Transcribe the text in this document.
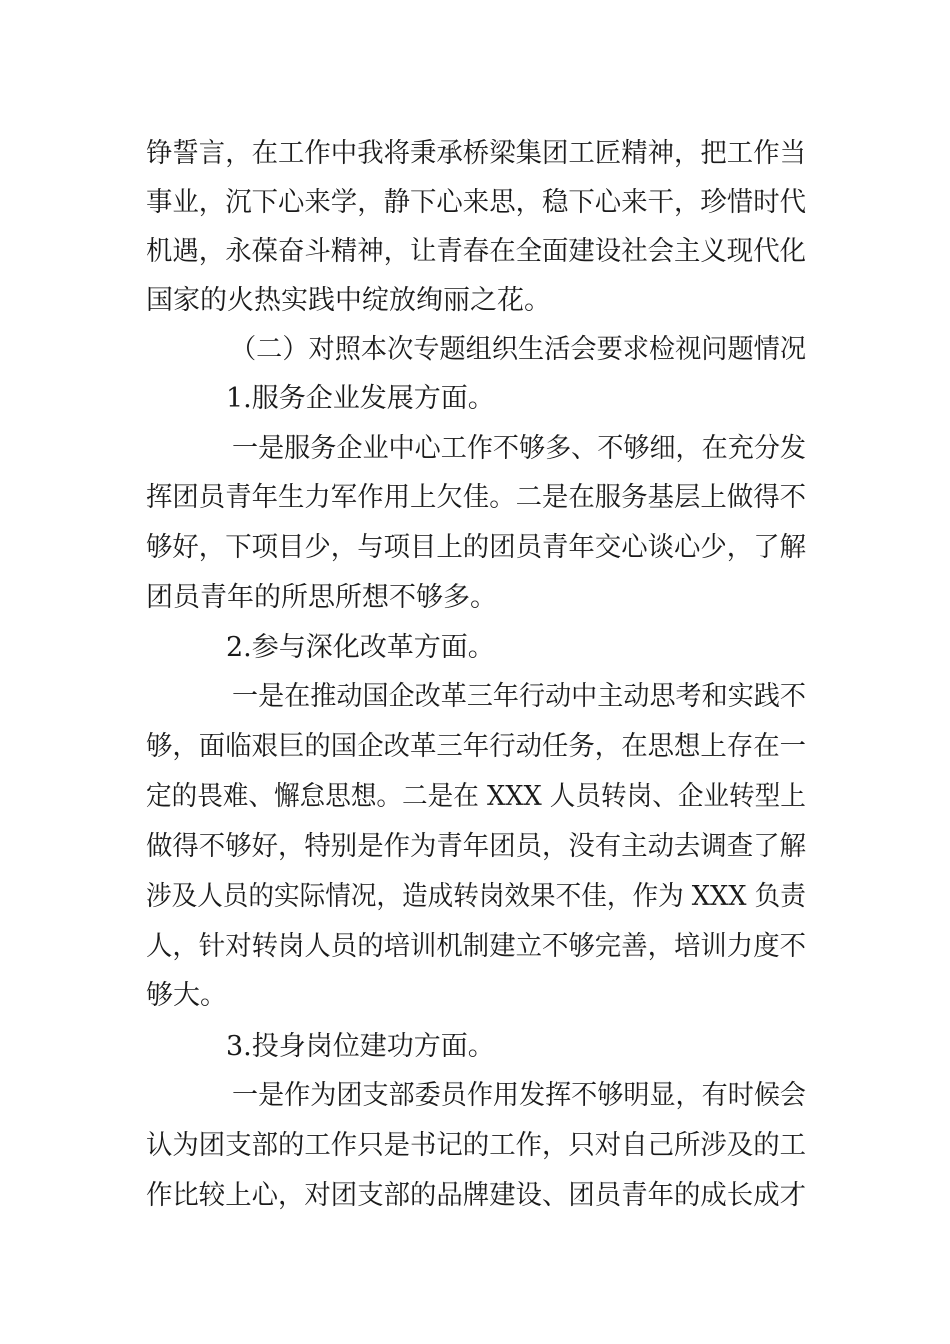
铮誓言，在工作中我将秉承桥梁集团工匠精神，把工作当
事业，沉下心来学，静下心来思，稳下心来干，珍惜时代
机遇，永葆奋斗精神，让青春在全面建设社会主义现代化
国家的火热实践中绽放绚丽之花。
（二）对照本次专题组织生活会要求检视问题情况
1.服务企业发展方面。
一是服务企业中心工作不够多、不够细，在充分发
挥团员青年生力军作用上欠佳。二是在服务基层上做得不
够好，下项目少，与项目上的团员青年交心谈心少，了解
团员青年的所思所想不够多。
2.参与深化改革方面。
一是在推动国企改革三年行动中主动思考和实践不
够，面临艰巨的国企改革三年行动任务，在思想上存在一
定的畏难、懈怠思想。二是在 XXX 人员转岗、企业转型上
做得不够好，特别是作为青年团员，没有主动去调查了解
涉及人员的实际情况，造成转岗效果不佳，作为 XXX 负责
人，针对转岗人员的培训机制建立不够完善，培训力度不
够大。
3.投身岗位建功方面。
一是作为团支部委员作用发挥不够明显，有时候会
认为团支部的工作只是书记的工作，只对自己所涉及的工
作比较上心，对团支部的品牌建设、团员青年的成长成才
